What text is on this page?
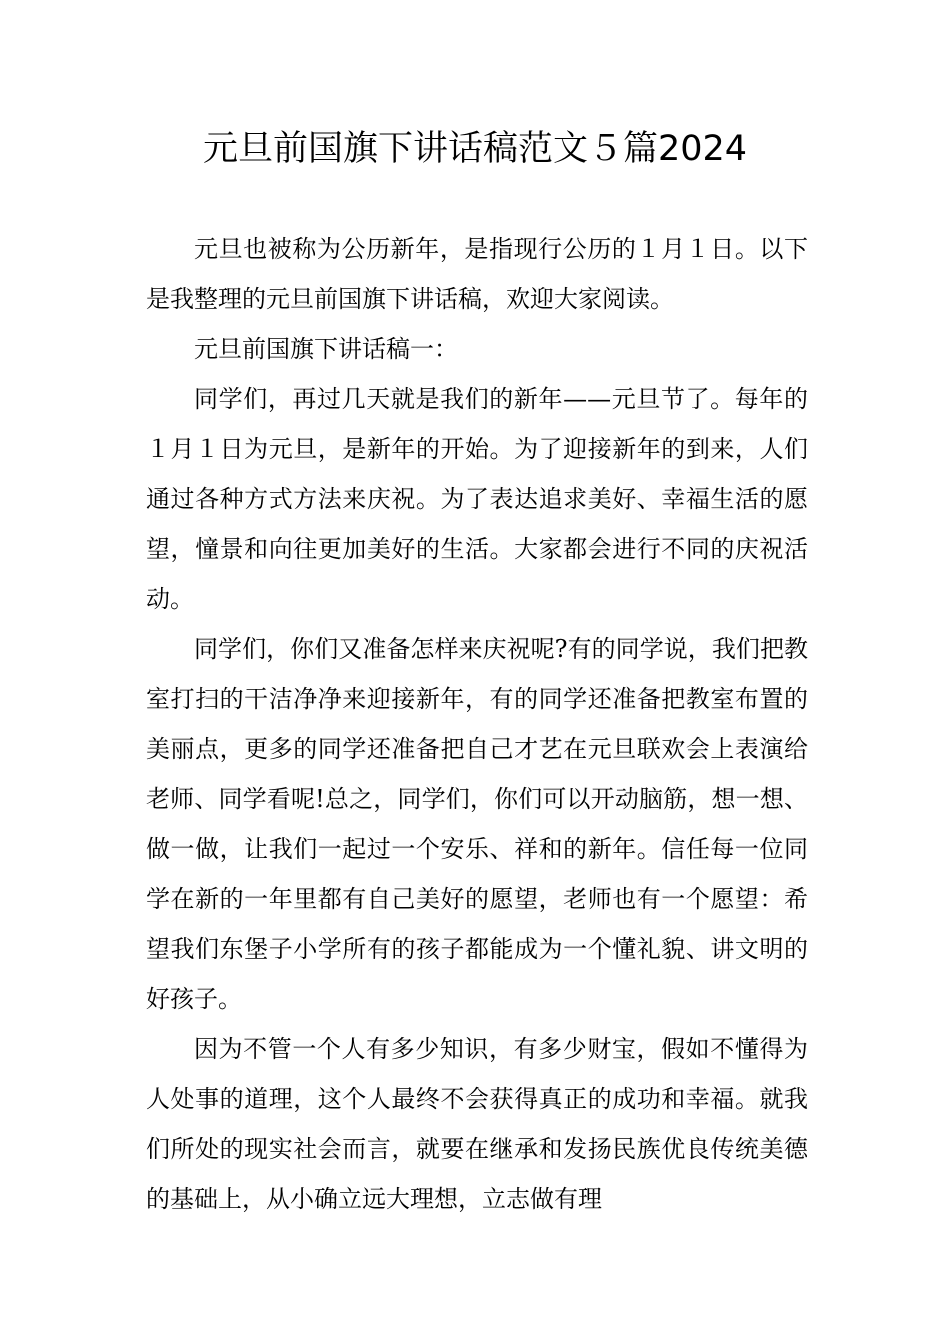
元旦前国旗下讲话稿范文５篇2024

元旦也被称为公历新年，是指现行公历的１月１日。以下是我整理的元旦前国旗下讲话稿，欢迎大家阅读。

元旦前国旗下讲话稿一：

同学们，再过几天就是我们的新年——元旦节了。每年的１月１日为元旦，是新年的开始。为了迎接新年的到来，人们通过各种方式方法来庆祝。为了表达追求美好、幸福生活的愿望，憧景和向往更加美好的生活。大家都会进行不同的庆祝活动。

同学们，你们又准备怎样来庆祝呢?有的同学说，我们把教室打扫的干洁净净来迎接新年，有的同学还准备把教室布置的美丽点，更多的同学还准备把自己才艺在元旦联欢会上表演给老师、同学看呢!总之，同学们，你们可以开动脑筋，想一想、做一做，让我们一起过一个安乐、祥和的新年。信任每一位同学在新的一年里都有自己美好的愿望，老师也有一个愿望：希望我们东堡子小学所有的孩子都能成为一个懂礼貌、讲文明的好孩子。

因为不管一个人有多少知识，有多少财宝，假如不懂得为人处事的道理，这个人最终不会获得真正的成功和幸福。就我们所处的现实社会而言，就要在继承和发扬民族优良传统美德的基础上，从小确立远大理想，立志做有理
